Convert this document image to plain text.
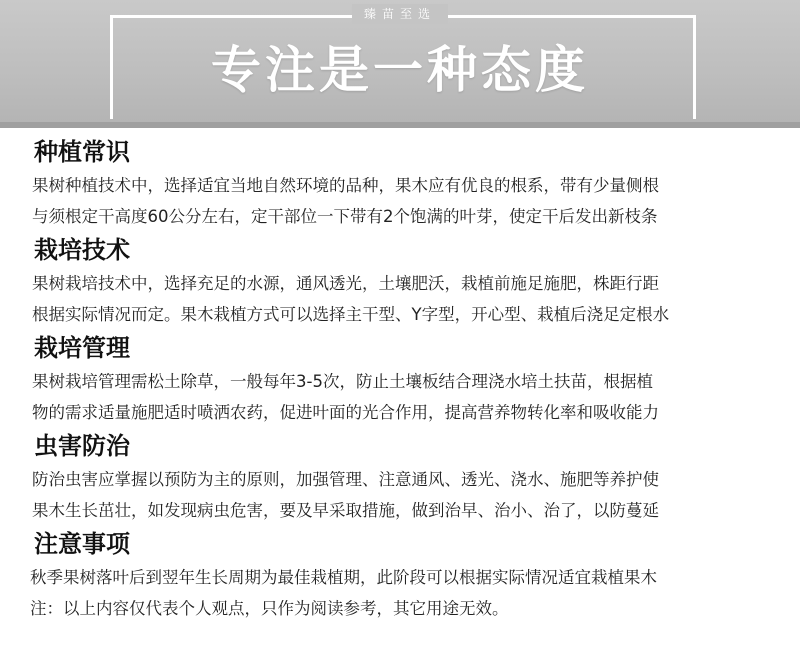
臻苗至选
专注是一种态度
种植常识
果树种植技术中，选择适宜当地自然环境的品种，果木应有优良的根系，带有少量侧根
与须根定干高度60公分左右，定干部位一下带有2个饱满的叶芽，使定干后发出新枝条
栽培技术
果树栽培技术中，选择充足的水源，通风透光，土壤肥沃，栽植前施足施肥，株距行距
根据实际情况而定。果木栽植方式可以选择主干型、Y字型，开心型、栽植后浇足定根水
栽培管理
果树栽培管理需松土除草，一般每年3-5次，防止土壤板结合理浇水培土扶苗，根据植
物的需求适量施肥适时喷洒农药，促进叶面的光合作用，提高营养物转化率和吸收能力
虫害防治
防治虫害应掌握以预防为主的原则，加强管理、注意通风、透光、浇水、施肥等养护使
果木生长茁壮，如发现病虫危害，要及早采取措施，做到治早、治小、治了，以防蔓延
注意事项
秋季果树落叶后到翌年生长周期为最佳栽植期，此阶段可以根据实际情况适宜栽植果木
注：以上内容仅代表个人观点，只作为阅读参考，其它用途无效。
